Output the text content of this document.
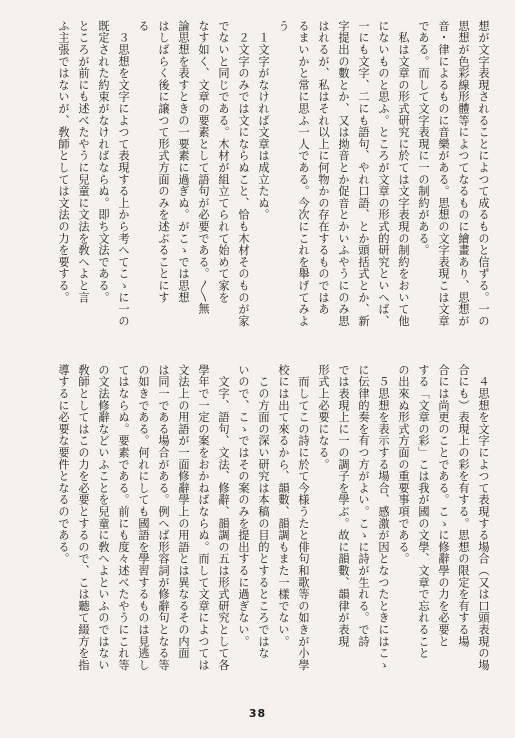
想が文字表現されることによつて成るものと信ずる。一の

思想が色彩線形體等によつてなるものに繪畫あり、思想が

音・律によるものに音樂がある。思想の文字表現こは文章

である。而して文字表現に一の制約がある。

　私は文章の形式研究に於ては文字表現の制約をおいて他

にないものと思ふ。ところが文章の形式的研究といへば、

一にも文字、二にも語句、やれ口語、とか頭括式とか、新

字提出の數とか、又は拗音とか促音とかいふやうにのみ思

はれるが、私はそれ以上に何物かの存在するものではあ

るまいかと常に思ふ一人である。今次にこれを舉げてみよ

う

　１文字がなければ文章は成立たぬ。

　２文字のみでは文にならぬこと、恰も木材そのものが家

でないと同じである。木材が組立てられて始めて家を

なす如く、文章の要素として語句が必要である。〳〵無

論思想を表すときの一要素に過ぎぬ。がこゝでは思想

はしばらく後に譲つて形式方面のみを述ぶることにす

る

　３思想を文字によつて表現する上から考へてこゝに一の

既定された約束がなければならぬ。即ち文法である。

ところが前にも述べたやうに兒童に文法を敎へよと言

ふ主張ではないが、敎師としては文法の力を要する。

　４思想を文字によつて表現する場合（又は口頭表現の場

合にも）表現上の彩を有する。思想の限定を有する場

合には尚更のことである。こゝに修辭學の力を必要と

する「文章の彩」こは我が國の文學、文章で忘れること

の出來ぬ形式方面の重要事項である。

　５思想を表示する場合、感激が因となつたときにはこゝ

に伝律的奏を有つ方がよい。こゝに詩が生れる。で詩

では表現上に一の調子を學ぶ。故に韻數、韻律が表現

形式上必要になる。

　而してこの詩に於て今様うたと俳句和歌等の如きが小學

校には出て來るから、韻數、韻調もまた一樣でない。

　この方面の深い研究は本稿の目的とするところではな

いので、こゝではその案のみを提出するに過ぎない。

　文字、語句、文法、修辭、韻調の五は形式研究として各

學年で一定の案をおかねばならぬ。而して文章によつては

文法上の用語が一面修辭學上の用語とは異なるその内面

は同一である場合がある。例へば形容詞が修辭句となる等

の如きである。何れにしても國語を學習するものは見逃し

てはならぬ。要素である。前にも度々述べたやうにこれ等

の文法修辭などいふことを兒童に敎へよといふのではない

敎師としてはこの力を必要とするので、こは聽て綴方を指

導するに必要な要件となるのである。

38
